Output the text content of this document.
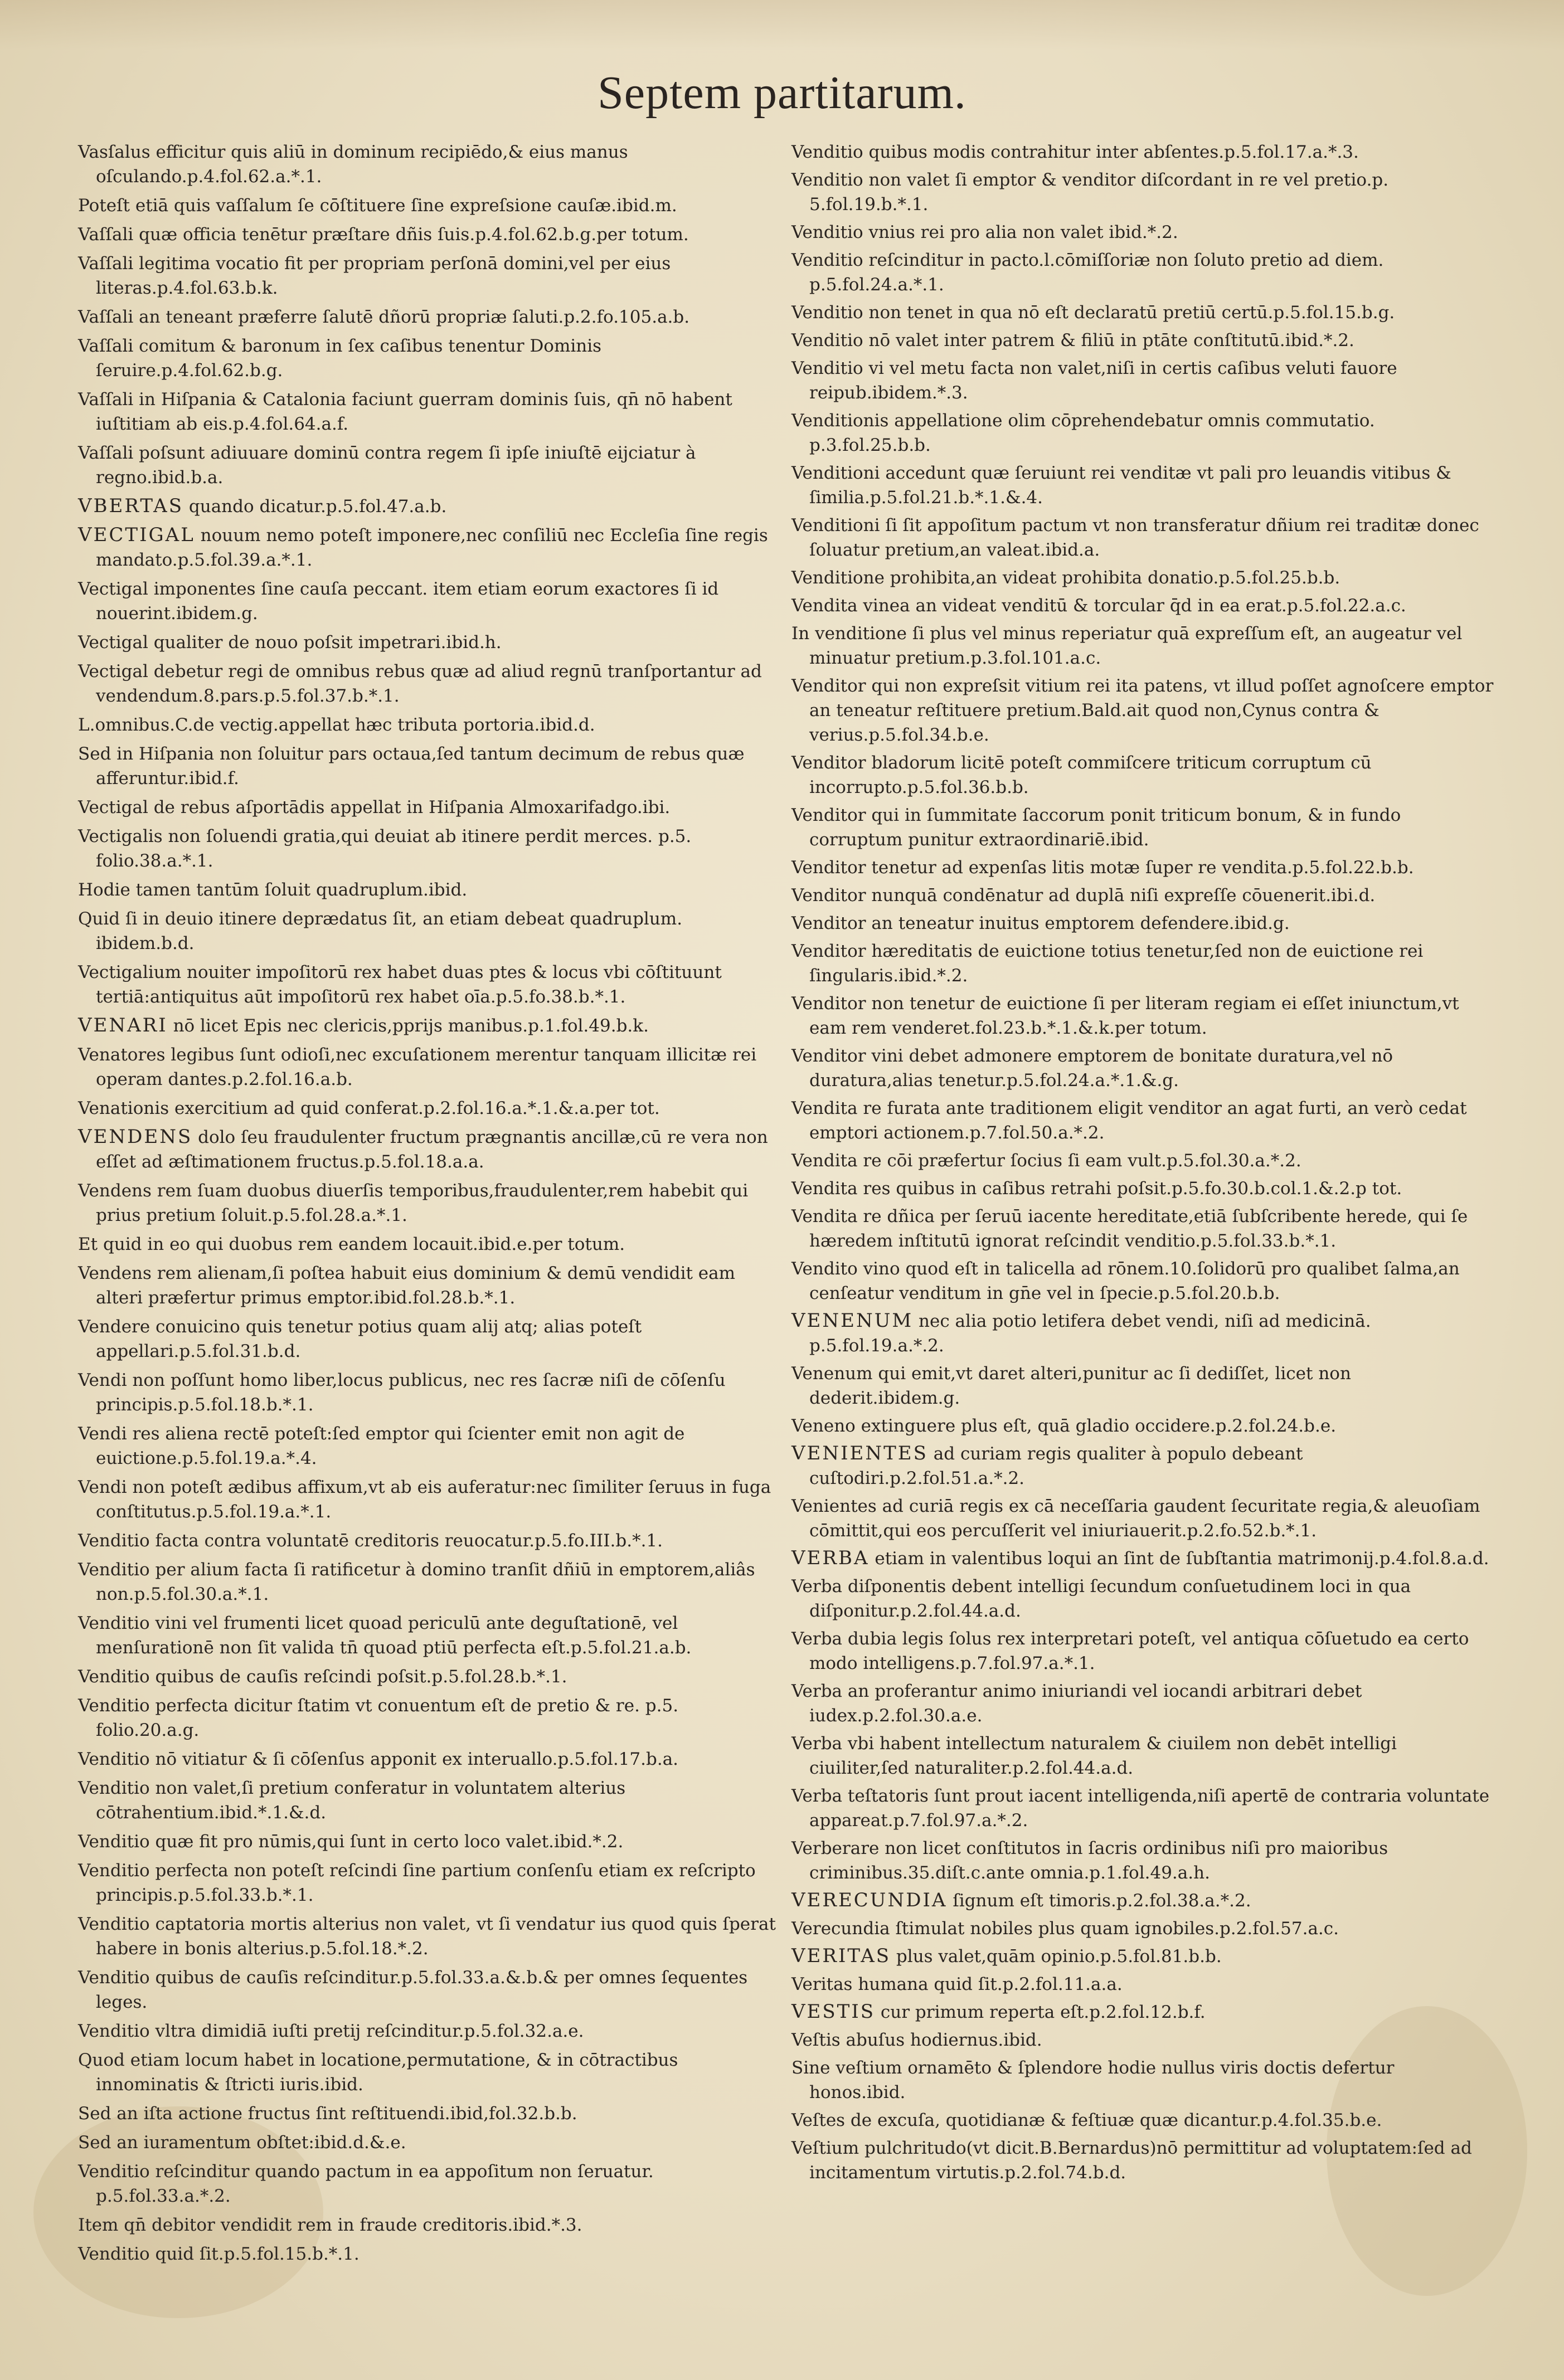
Septem partitarum.
Vasſalus efficitur quis aliū in dominum recipiēdo,& eius manus oſculando.p.4.fol.62.a.*.1.
Poteſt etiā quis vaſſalum ſe cōſtituere ſine expreſsione cauſæ.ibid.m.
Vaſſali quæ officia tenētur præſtare dñis ſuis.p.4.fol.62.b.g.per totum.
Vaſſali legitima vocatio fit per propriam perſonā domini,vel per eius literas.p.4.fol.63.b.k.
Vaſſali an teneant præferre ſalutē dñorū propriæ ſaluti.p.2.fo.105.a.b.
Vaſſali comitum & baronum in ſex caſibus tenentur Dominis ſeruire.p.4.fol.62.b.g.
Vaſſali in Hiſpania & Catalonia faciunt guerram dominis ſuis, qn̄ nō habent iuſtitiam ab eis.p.4.fol.64.a.f.
Vaſſali poſsunt adiuuare dominū contra regem ſi ipſe iniuſtē eijciatur à regno.ibid.b.a.
VBERTAS quando dicatur.p.5.fol.47.a.b.
VECTIGAL nouum nemo poteſt imponere,nec conſiliū nec Eccleſia ſine regis mandato.p.5.fol.39.a.*.1.
Vectigal imponentes ſine cauſa peccant. item etiam eorum exactores ſi id nouerint.ibidem.g.
Vectigal qualiter de nouo poſsit impetrari.ibid.h.
Vectigal debetur regi de omnibus rebus quæ ad aliud regnū tranſportantur ad vendendum.8.pars.p.5.fol.37.b.*.1.
L.omnibus.C.de vectig.appellat hæc tributa portoria.ibid.d.
Sed in Hiſpania non ſoluitur pars octaua,ſed tantum decimum de rebus quæ afferuntur.ibid.f.
Vectigal de rebus aſportādis appellat in Hiſpania Almoxarifadgo.ibi.
Vectigalis non ſoluendi gratia,qui deuiat ab itinere perdit merces. p.5. folio.38.a.*.1.
Hodie tamen tantūm ſoluit quadruplum.ibid.
Quid ſi in deuio itinere deprædatus ſit, an etiam debeat quadruplum. ibidem.b.d.
Vectigalium nouiter impoſitorū rex habet duas ptes & locus vbi cōſtituunt tertiā:antiquitus aūt impoſitorū rex habet oīa.p.5.fo.38.b.*.1.
VENARI nō licet Epis nec clericis,pprijs manibus.p.1.fol.49.b.k.
Venatores legibus ſunt odioſi,nec excuſationem merentur tanquam illicitæ rei operam dantes.p.2.fol.16.a.b.
Venationis exercitium ad quid conferat.p.2.fol.16.a.*.1.&.a.per tot.
VENDENS dolo ſeu fraudulenter fructum prægnantis ancillæ,cū re vera non eſſet ad æſtimationem fructus.p.5.fol.18.a.a.
Vendens rem ſuam duobus diuerſis temporibus,fraudulenter,rem habebit qui prius pretium ſoluit.p.5.fol.28.a.*.1.
Et quid in eo qui duobus rem eandem locauit.ibid.e.per totum.
Vendens rem alienam,ſi poſtea habuit eius dominium & demū vendidit eam alteri præfertur primus emptor.ibid.fol.28.b.*.1.
Vendere conuicino quis tenetur potius quam alij atq; alias poteſt appellari.p.5.fol.31.b.d.
Vendi non poſſunt homo liber,locus publicus, nec res ſacræ niſi de cōſenſu principis.p.5.fol.18.b.*.1.
Vendi res aliena rectē poteſt:ſed emptor qui ſcienter emit non agit de euictione.p.5.fol.19.a.*.4.
Vendi non poteſt ædibus affixum,vt ab eis auferatur:nec ſimiliter ſeruus in fuga conſtitutus.p.5.fol.19.a.*.1.
Venditio facta contra voluntatē creditoris reuocatur.p.5.fo.III.b.*.1.
Venditio per alium facta ſi ratificetur à domino tranſit dñiū in emptorem,aliâs non.p.5.fol.30.a.*.1.
Venditio vini vel frumenti licet quoad periculū ante deguſtationē, vel menſurationē non ſit valida tn̄ quoad ptiū perfecta eſt.p.5.fol.21.a.b.
Venditio quibus de cauſis reſcindi poſsit.p.5.fol.28.b.*.1.
Venditio perfecta dicitur ſtatim vt conuentum eſt de pretio & re. p.5. folio.20.a.g.
Venditio nō vitiatur & ſi cōſenſus apponit ex interuallo.p.5.fol.17.b.a.
Venditio non valet,ſi pretium conferatur in voluntatem alterius cōtrahentium.ibid.*.1.&.d.
Venditio quæ fit pro nūmis,qui ſunt in certo loco valet.ibid.*.2.
Venditio perfecta non poteſt reſcindi ſine partium conſenſu etiam ex reſcripto principis.p.5.fol.33.b.*.1.
Venditio captatoria mortis alterius non valet, vt ſi vendatur ius quod quis ſperat habere in bonis alterius.p.5.fol.18.*.2.
Venditio quibus de cauſis reſcinditur.p.5.fol.33.a.&.b.& per omnes ſequentes leges.
Venditio vltra dimidiā iuſti pretij reſcinditur.p.5.fol.32.a.e.
Quod etiam locum habet in locatione,permutatione, & in cōtractibus innominatis & ſtricti iuris.ibid.
Sed an iſta actione fructus ſint reſtituendi.ibid,fol.32.b.b.
Sed an iuramentum obſtet:ibid.d.&.e.
Venditio reſcinditur quando pactum in ea appoſitum non ſeruatur. p.5.fol.33.a.*.2.
Item qn̄ debitor vendidit rem in fraude creditoris.ibid.*.3.
Venditio quid ſit.p.5.fol.15.b.*.1.
Venditio quibus modis contrahitur inter abſentes.p.5.fol.17.a.*.3.
Venditio non valet ſi emptor & venditor diſcordant in re vel pretio.p. 5.fol.19.b.*.1.
Venditio vnius rei pro alia non valet ibid.*.2.
Venditio reſcinditur in pacto.l.cōmiſſoriæ non ſoluto pretio ad diem. p.5.fol.24.a.*.1.
Venditio non tenet in qua nō eſt declaratū pretiū certū.p.5.fol.15.b.g.
Venditio nō valet inter patrem & filiū in ptāte conſtitutū.ibid.*.2.
Venditio vi vel metu facta non valet,niſi in certis caſibus veluti fauore reipub.ibidem.*.3.
Venditionis appellatione olim cōprehendebatur omnis commutatio. p.3.fol.25.b.b.
Venditioni accedunt quæ ſeruiunt rei venditæ vt pali pro leuandis vitibus & ſimilia.p.5.fol.21.b.*.1.&.4.
Venditioni ſi ſit appoſitum pactum vt non transferatur dñium rei traditæ donec ſoluatur pretium,an valeat.ibid.a.
Venditione prohibita,an videat prohibita donatio.p.5.fol.25.b.b.
Vendita vinea an videat venditū & torcular q̄d in ea erat.p.5.fol.22.a.c.
In venditione ſi plus vel minus reperiatur quā expreſſum eſt, an augeatur vel minuatur pretium.p.3.fol.101.a.c.
Venditor qui non expreſsit vitium rei ita patens, vt illud poſſet agnoſcere emptor an teneatur reſtituere pretium.Bald.ait quod non,Cynus contra & verius.p.5.fol.34.b.e.
Venditor bladorum licitē poteſt commiſcere triticum corruptum cū incorrupto.p.5.fol.36.b.b.
Venditor qui in ſummitate ſaccorum ponit triticum bonum, & in fundo corruptum punitur extraordinariē.ibid.
Venditor tenetur ad expenſas litis motæ ſuper re vendita.p.5.fol.22.b.b.
Venditor nunquā condēnatur ad duplā niſi expreſſe cōuenerit.ibi.d.
Venditor an teneatur inuitus emptorem defendere.ibid.g.
Venditor hæreditatis de euictione totius tenetur,ſed non de euictione rei ſingularis.ibid.*.2.
Venditor non tenetur de euictione ſi per literam regiam ei eſſet iniunctum,vt eam rem venderet.fol.23.b.*.1.&.k.per totum.
Venditor vini debet admonere emptorem de bonitate duratura,vel nō duratura,alias tenetur.p.5.fol.24.a.*.1.&.g.
Vendita re furata ante traditionem eligit venditor an agat furti, an verò cedat emptori actionem.p.7.fol.50.a.*.2.
Vendita re cōi præfertur ſocius ſi eam vult.p.5.fol.30.a.*.2.
Vendita res quibus in caſibus retrahi poſsit.p.5.fo.30.b.col.1.&.2.p tot.
Vendita re dñica per ſeruū iacente hereditate,etiā ſubſcribente herede, qui ſe hæredem inſtitutū ignorat reſcindit venditio.p.5.fol.33.b.*.1.
Vendito vino quod eſt in talicella ad rōnem.10.ſolidorū pro qualibet ſalma,an cenſeatur venditum in gn̄e vel in ſpecie.p.5.fol.20.b.b.
VENENUM nec alia potio letifera debet vendi, niſi ad medicinā. p.5.fol.19.a.*.2.
Venenum qui emit,vt daret alteri,punitur ac ſi dediſſet, licet non dederit.ibidem.g.
Veneno extinguere plus eſt, quā gladio occidere.p.2.fol.24.b.e.
VENIENTES ad curiam regis qualiter à populo debeant cuſtodiri.p.2.fol.51.a.*.2.
Venientes ad curiā regis ex cā neceſſaria gaudent ſecuritate regia,& aleuoſiam cōmittit,qui eos percuſſerit vel iniuriauerit.p.2.fo.52.b.*.1.
VERBA etiam in valentibus loqui an ſint de ſubſtantia matrimonij.p.4.fol.8.a.d.
Verba diſponentis debent intelligi ſecundum conſuetudinem loci in qua diſponitur.p.2.fol.44.a.d.
Verba dubia legis ſolus rex interpretari poteſt, vel antiqua cōſuetudo ea certo modo intelligens.p.7.fol.97.a.*.1.
Verba an proferantur animo iniuriandi vel iocandi arbitrari debet iudex.p.2.fol.30.a.e.
Verba vbi habent intellectum naturalem & ciuilem non debēt intelligi ciuiliter,ſed naturaliter.p.2.fol.44.a.d.
Verba teſtatoris ſunt prout iacent intelligenda,niſi apertē de contraria voluntate appareat.p.7.fol.97.a.*.2.
Verberare non licet conſtitutos in ſacris ordinibus niſi pro maioribus criminibus.35.diſt.c.ante omnia.p.1.fol.49.a.h.
VERECUNDIA ſignum eſt timoris.p.2.fol.38.a.*.2.
Verecundia ſtimulat nobiles plus quam ignobiles.p.2.fol.57.a.c.
VERITAS plus valet,quām opinio.p.5.fol.81.b.b.
Veritas humana quid ſit.p.2.fol.11.a.a.
VESTIS cur primum reperta eſt.p.2.fol.12.b.f.
Veſtis abuſus hodiernus.ibid.
Sine veſtium ornamēto & ſplendore hodie nullus viris doctis defertur honos.ibid.
Veſtes de excuſa, quotidianæ & feſtiuæ quæ dicantur.p.4.fol.35.b.e.
Veſtium pulchritudo(vt dicit.B.Bernardus)nō permittitur ad voluptatem:ſed ad incitamentum virtutis.p.2.fol.74.b.d.
